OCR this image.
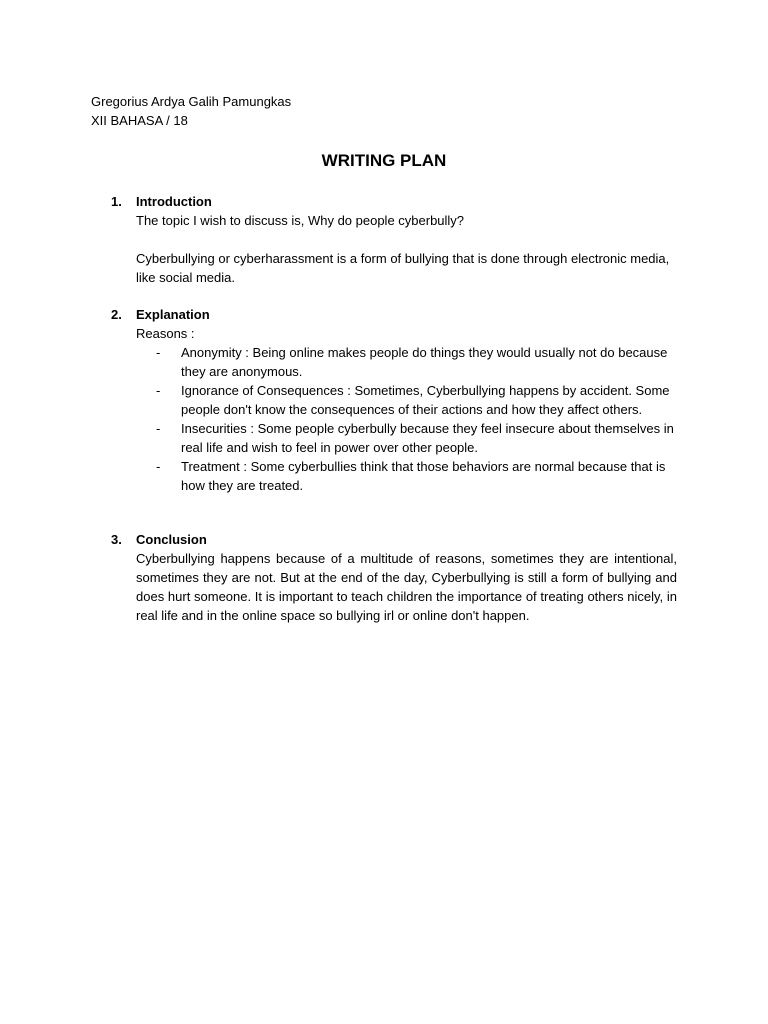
Gregorius Ardya Galih Pamungkas
XII BAHASA / 18
WRITING PLAN
1.	Introduction

The topic I wish to discuss is, Why do people cyberbully?

Cyberbullying or cyberharassment is a form of bullying that is done through electronic media, like social media.

2.	Explanation
Reasons :
-	Anonymity : Being online makes people do things they would usually not do because they are anonymous.
-	Ignorance of Consequences : Sometimes, Cyberbullying happens by accident. Some people don't know the consequences of their actions and how they affect others.
-	Insecurities : Some people cyberbully because they feel insecure about themselves in real life and wish to feel in power over other people.
-	Treatment : Some cyberbullies think that those behaviors are normal because that is how they are treated.
3.	Conclusion

Cyberbullying happens because of a multitude of reasons, sometimes they are intentional, sometimes they are not. But at the end of the day, Cyberbullying is still a form of bullying and does hurt someone. It is important to teach children the importance of treating others nicely, in real life and in the online space so bullying irl or online don't happen.
